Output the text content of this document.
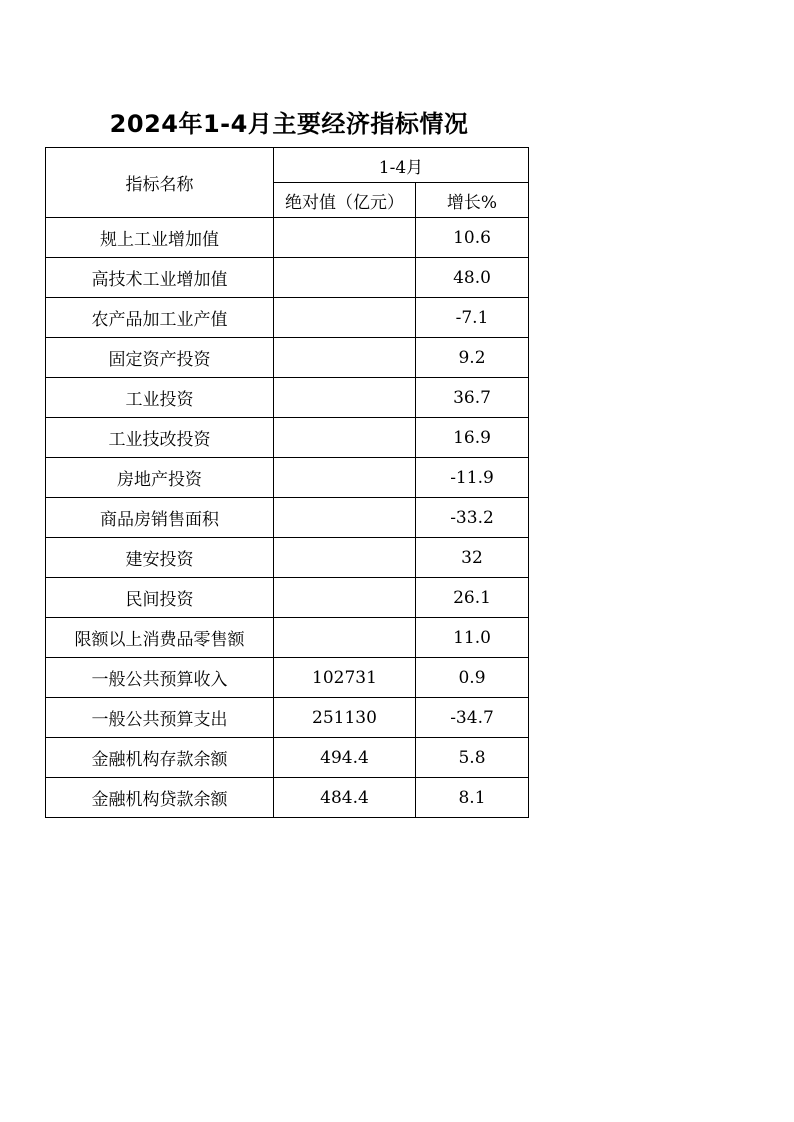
2024年1-4月主要经济指标情况
指标名称	1-4月	
	绝对值（亿元）	增长%
规上工业增加值		10.6
高技术工业增加值		48.0
农产品加工业产值		-7.1
固定资产投资		9.2
工业投资		36.7
工业技改投资		16.9
房地产投资		-11.9
商品房销售面积		-33.2
建安投资		32
民间投资		26.1
限额以上消费品零售额		11.0
一般公共预算收入	102731	0.9
一般公共预算支出	251130	-34.7
金融机构存款余额	494.4	5.8
金融机构贷款余额	484.4	8.1
